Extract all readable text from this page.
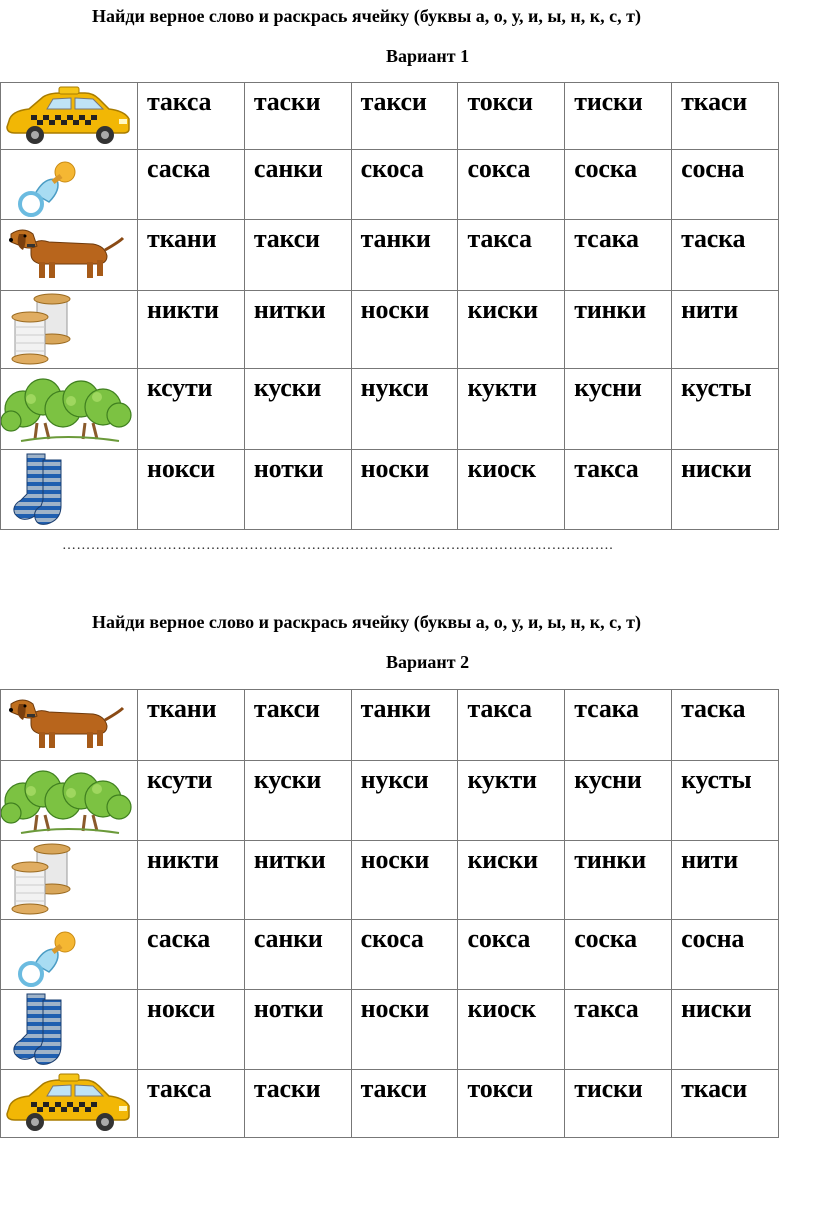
Найди верное слово и раскрась ячейку (буквы а, о, у, и, ы, н, к, с, т)
Вариант 1
	такса	таски	такси	токси	тиски	ткаси

	саска	санки	скоса	сокса	соска	сосна

	ткани	такси	танки	такса	тсака	таска

	никти	нитки	носки	киски	тинки	нити

	ксути	куски	нукси	кукти	кусни	кусты

	нокси	нотки	носки	киоск	такса	ниски
…………………………………………………………………………………………………….
Найди верное слово и раскрась ячейку (буквы а, о, у, и, ы, н, к, с, т)
Вариант 2
	ткани	такси	танки	такса	тсака	таска

	ксути	куски	нукси	кукти	кусни	кусты

	никти	нитки	носки	киски	тинки	нити

	саска	санки	скоса	сокса	соска	сосна

	нокси	нотки	носки	киоск	такса	ниски

	такса	таски	такси	токси	тиски	ткаси
